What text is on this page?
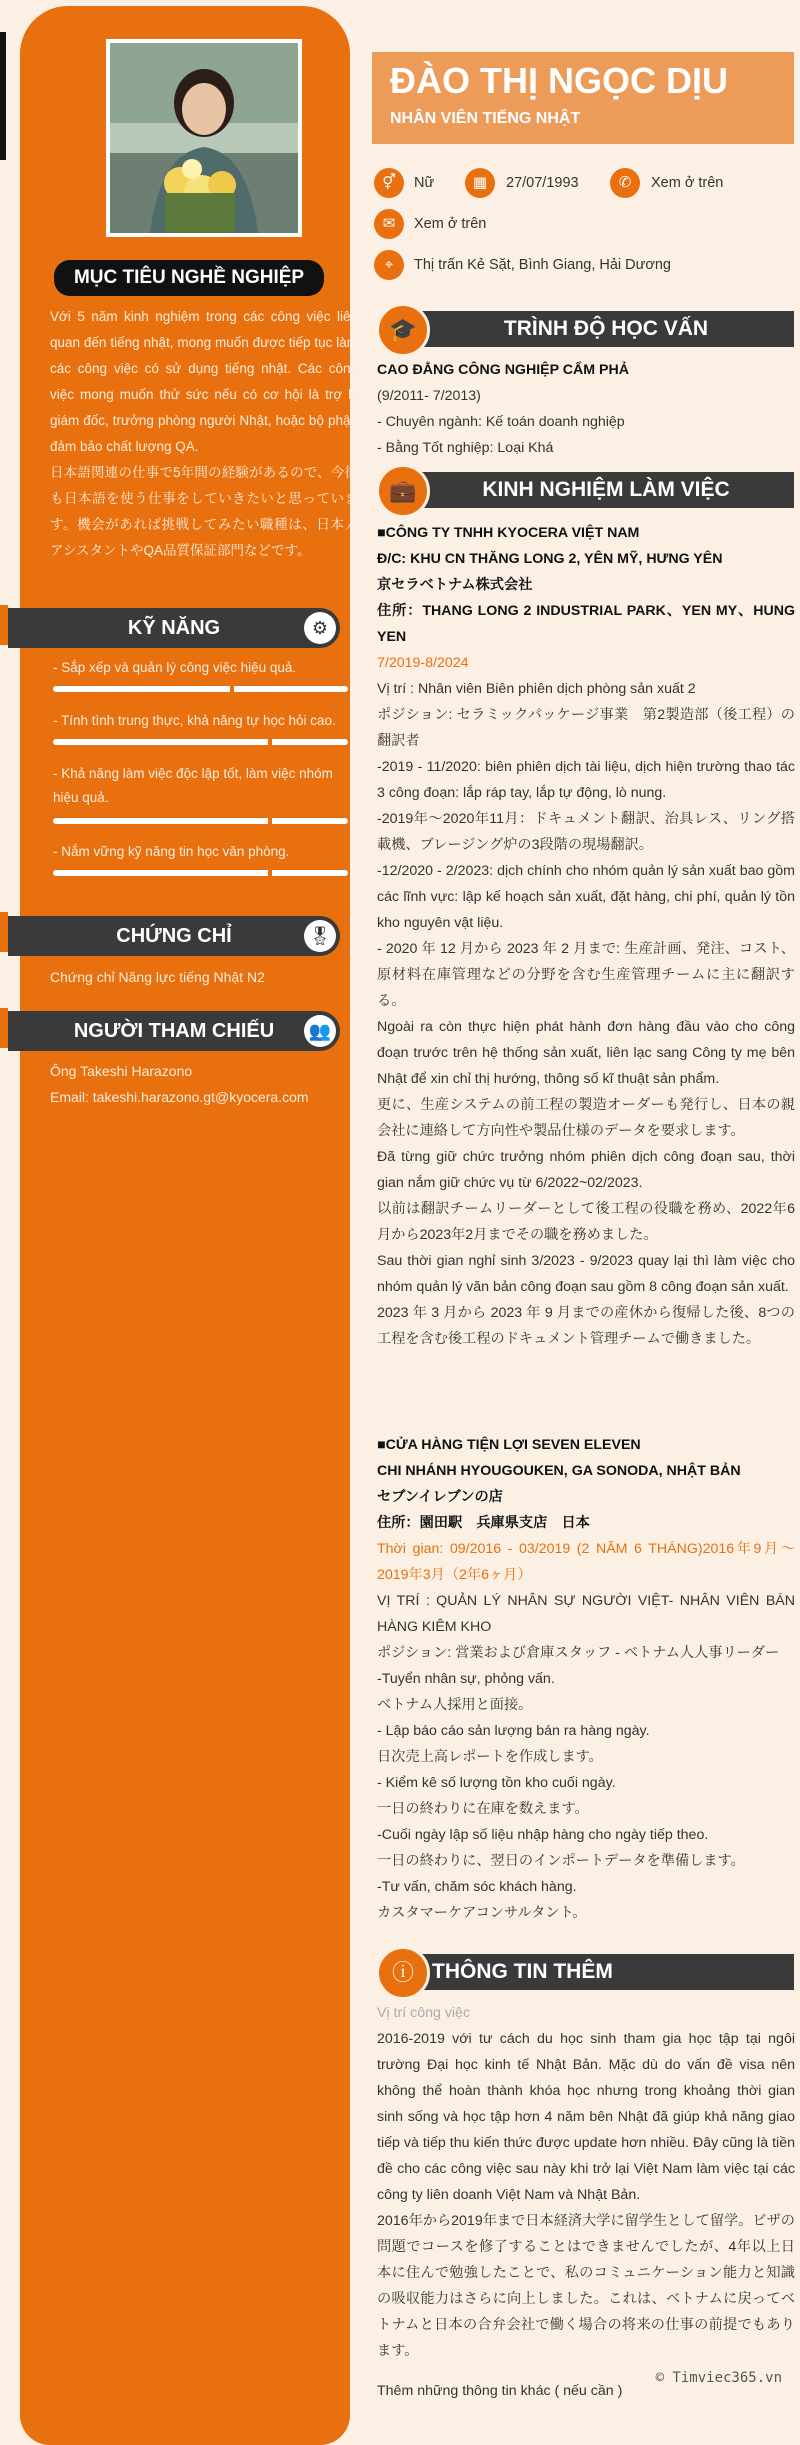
MỤC TIÊU NGHỀ NGHIỆP
Với 5 năm kinh nghiệm trong các công việc liên quan đến tiếng nhật, mong muốn được tiếp tục làm các công việc có sử dụng tiếng nhật. Các công việc mong muốn thử sức nếu có cơ hội là trợ lý giám đốc, trưởng phòng người Nhật, hoặc bộ phận đảm bảo chất lượng QA.
日本語関連の仕事で5年間の経験があるので、今後も日本語を使う仕事をしていきたいと思っています。機会があれば挑戦してみたい職種は、日本人アシスタントやQA品質保証部門などです。
KỸ NĂNG	⚙
- Sắp xếp và quản lý công việc hiệu quả.
- Tính tình trung thực, khả năng tự học hỏi cao.
- Khả năng làm việc độc lập tốt, làm việc nhóm hiệu quả.
- Nắm vững kỹ năng tin học văn phòng.
CHỨNG CHỈ	🎖
Chứng chỉ Năng lực tiếng Nhật N2
NGƯỜI THAM CHIẾU 👥
Ông Takeshi Harazono
Email: takeshi.harazono.gt@kyocera.com
ĐÀO THỊ NGỌC DỊU
NHÂN VIÊN TIẾNG NHẬT
⚥	Nữ	▦	27/07/1993	✆	Xem ở trên
✉	Xem ở trên
⌖	Thị trấn Kẻ Sặt, Bình Giang, Hải Dương
TRÌNH ĐỘ HỌC VẤN
🎓

CAO ĐẲNG CÔNG NGHIỆP CẨM PHẢ

(9/2011- 7/2013)

- Chuyên ngành: Kế toán doanh nghiệp

- Bằng Tốt nghiệp: Loại Khá

KINH NGHIỆM LÀM VIỆC
💼

■CÔNG TY TNHH KYOCERA VIỆT NAM

Đ/C: KHU CN THĂNG LONG 2, YÊN MỸ, HƯNG YÊN

京セラベトナム株式会社

住所：THANG LONG 2 INDUSTRIAL PARK、YEN MY、HUNG YEN

7/2019-8/2024

Vị trí : Nhân viên Biên phiên dịch phòng sản xuất 2

ポジション: セラミックパッケージ事業　第2製造部（後工程）の翻訳者

-2019 - 11/2020: biên phiên dịch tài liệu, dịch hiện trường thao tác 3 công đoạn: lắp ráp tay, lắp tự động, lò nung.

-2019年～2020年11月：ドキュメント翻訳、治具レス、リング搭載機、ブレージング炉の3段階の現場翻訳。

-12/2020 - 2/2023: dịch chính cho nhóm quản lý sản xuất bao gồm các lĩnh vực: lập kế hoạch sản xuất, đặt hàng, chi phí, quản lý tồn kho nguyên vật liệu.

- 2020 年 12 月から 2023 年 2 月まで: 生産計画、発注、コスト、原材料在庫管理などの分野を含む生産管理チームに主に翻訳する。

Ngoài ra còn thực hiện phát hành đơn hàng đầu vào cho công đoạn trước trên hệ thống sản xuất, liên lạc sang Công ty mẹ bên Nhật để xin chỉ thị hướng, thông số kĩ thuật sản phẩm.

更に、生産システムの前工程の製造オーダーも発行し、日本の親会社に連絡して方向性や製品仕様のデータを要求します。

Đã từng giữ chức trưởng nhóm phiên dịch công đoạn sau, thời gian nắm giữ chức vụ từ 6/2022~02/2023.

以前は翻訳チームリーダーとして後工程の役職を務め、2022年6月から2023年2月までその職を務めました。

Sau thời gian nghỉ sinh 3/2023 - 9/2023 quay lại thì làm việc cho nhóm quản lý văn bản công đoạn sau gồm 8 công đoạn sản xuất.

2023 年 3 月から 2023 年 9 月までの産休から復帰した後、8つの工程を含む後工程のドキュメント管理チームで働きました。

■CỬA HÀNG TIỆN LỢI SEVEN ELEVEN

CHI NHÁNH HYOUGOUKEN, GA SONODA, NHẬT BẢN

セブンイレブンの店

住所：園田駅　兵庫県支店　日本

Thời gian: 09/2016 - 03/2019 (2 NĂM 6 THÁNG)2016年9月～2019年3月（2年6ヶ月）

VỊ TRÍ : QUẢN LÝ NHÂN SỰ NGƯỜI VIỆT- NHÂN VIÊN BÁN HÀNG KIÊM KHO

ポジション: 営業および倉庫スタッフ - ベトナム人人事リーダー

-Tuyển nhân sự, phỏng vấn.

ベトナム人採用と面接。

- Lập báo cáo sản lượng bán ra hàng ngày.

日次売上高レポートを作成します。

- Kiểm kê số lượng tồn kho cuối ngày.

一日の終わりに在庫を数えます。

-Cuối ngày lập số liệu nhập hàng cho ngày tiếp theo.

一日の終わりに、翌日のインポートデータを準備します。

-Tư vấn, chăm sóc khách hàng.

カスタマーケアコンサルタント。

THÔNG TIN THÊM
ⓘ

Vị trí công việc

2016-2019 với tư cách du học sinh tham gia học tập tại ngôi trường Đại học kinh tế Nhật Bản. Mặc dù do vấn đề visa nên không thể hoàn thành khóa học nhưng trong khoảng thời gian sinh sống và học tập hơn 4 năm bên Nhật đã giúp khả năng giao tiếp và tiếp thu kiến thức được update hơn nhiều. Đây cũng là tiền đề cho các công việc sau này khi trở lại Việt Nam làm việc tại các công ty liên doanh Việt Nam và Nhật Bản.

2016年から2019年まで日本経済大学に留学生として留学。ビザの問題でコースを修了することはできませんでしたが、4年以上日本に住んで勉強したことで、私のコミュニケーション能力と知識の吸収能力はさらに向上しました。これは、ベトナムに戻ってベトナムと日本の合弁会社で働く場合の将来の仕事の前提でもあります。

Thêm những thông tin khác ( nếu cần )

© Timviec365.vn
